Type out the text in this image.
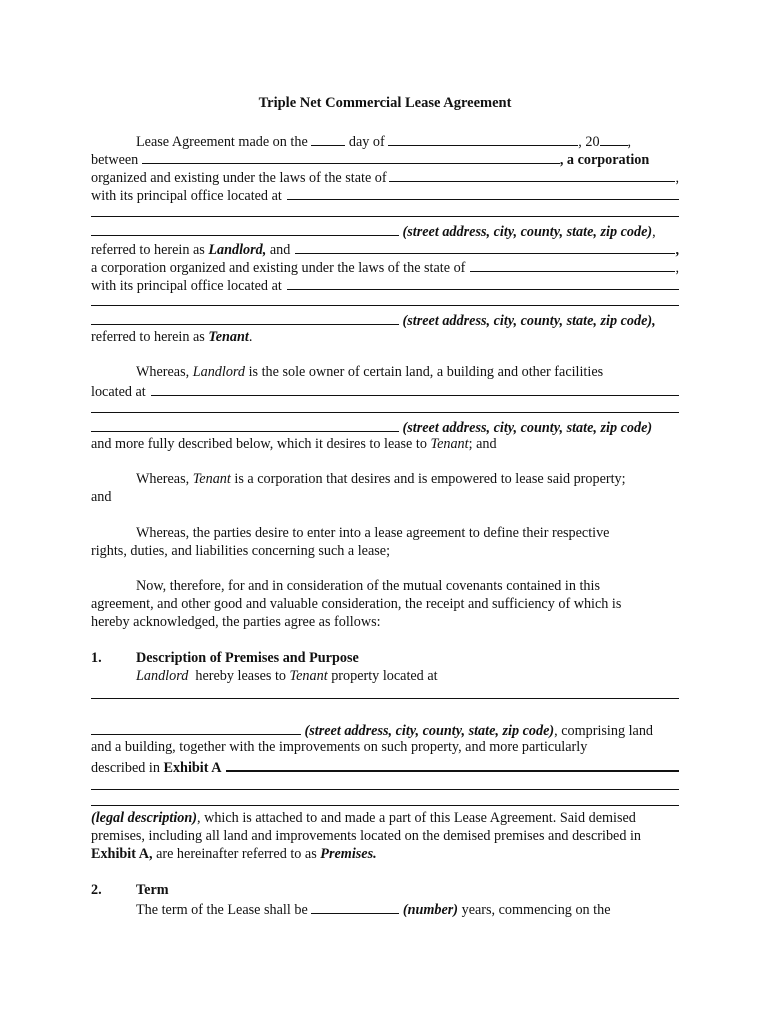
Triple Net Commercial Lease Agreement
Lease Agreement made on the	day of	, 20 ,
between	, a corporation
organized and existing under the laws of the state of	,
with its principal office located at
(street address, city, county, state, zip code),
referred to herein as
Landlord,
and	,
a corporation organized and existing under the laws of the state of	,
with its principal office located at
(street address, city, county, state, zip code),
referred to herein as Tenant.
Whereas, Landlord is the sole owner of certain land, a building and other facilities
located at
(street address, city, county, state, zip code)
and more fully described below, which it desires to lease to Tenant; and
Whereas, Tenant is a corporation that desires and is empowered to lease said property;
and
Whereas, the parties desire to enter into a lease agreement to define their respective
rights, duties, and liabilities concerning such a lease;
Now, therefore, for and in consideration of the mutual covenants contained in this
agreement, and other good and valuable consideration, the receipt and sufficiency of which is
hereby acknowledged, the parties agree as follows:
1. Description of Premises and Purpose
Landlord hereby leases to Tenant property located at
(street address, city, county, state, zip code), comprising land
and a building, together with the improvements on such property, and more particularly
described in
Exhibit A
(legal description), which is attached to and made a part of this Lease Agreement. Said demised
premises, including all land and improvements located on the demised premises and described in
Exhibit A, are hereinafter referred to as Premises.
2. Term
The term of the Lease shall be	(number) years, commencing on the
